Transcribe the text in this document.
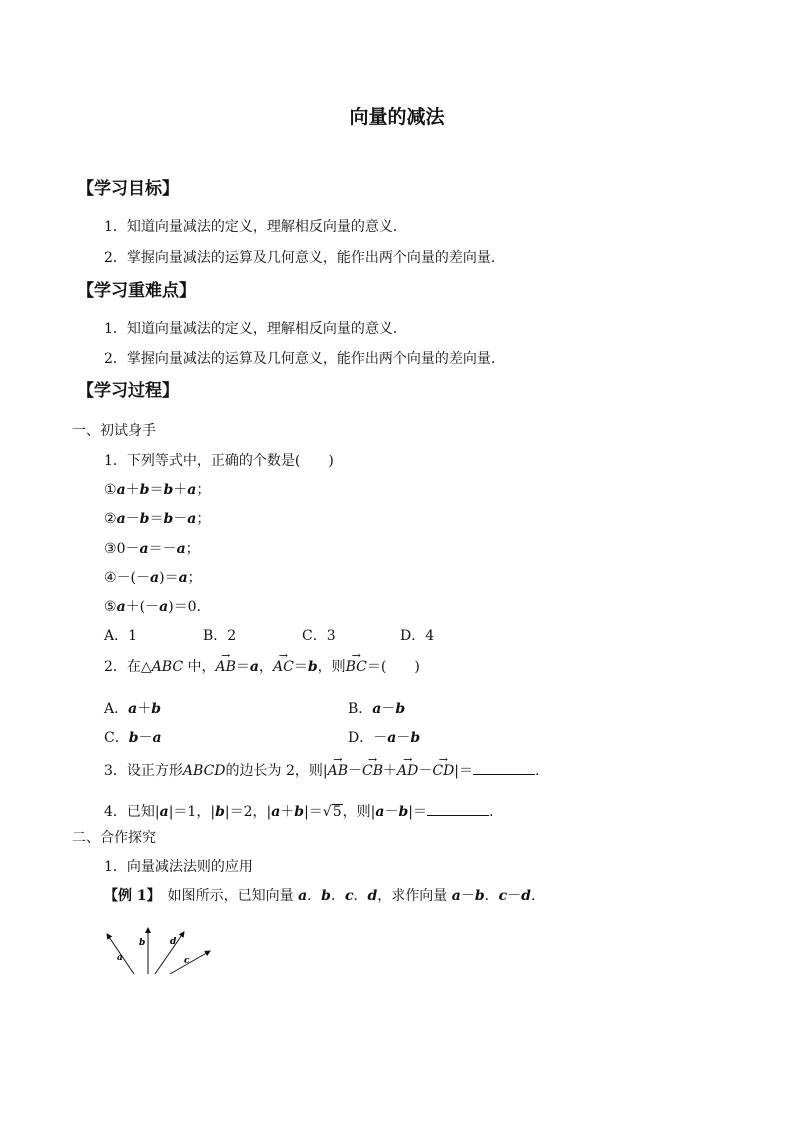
向量的减法
【学习目标】
1．知道向量减法的定义，理解相反向量的意义．
2．掌握向量减法的运算及几何意义，能作出两个向量的差向量.
【学习重难点】
1．知道向量减法的定义，理解相反向量的意义．
2．掌握向量减法的运算及几何意义，能作出两个向量的差向量.
【学习过程】
一、初试身手
1．下列等式中，正确的个数是(　　)
①a＋b＝b＋a；
②a－b＝b－a；
③0－a＝－a；
④－(－a)＝a；
⑤a＋(－a)＝0.
A．1	B．2	C．3	D．4
2．在△ABC 中，→ AB＝a，→ AC＝b，则→ BC＝(　　)
A．a＋b	B．a－b
C．b－a	D．－a－b
3．设正方形ABCD的边长为 2，则|→ AB－→ CB＋→ AD－→ CD|＝	.
4．已知|a|＝1，|b|＝2，|a＋b|＝√5，则|a－b|＝	.
二、合作探究
1．向量减法法则的应用
【例 1】　 如图所示，已知向量 a．b．c．d，求作向量 a－b．c－d．
a
b	d
c
